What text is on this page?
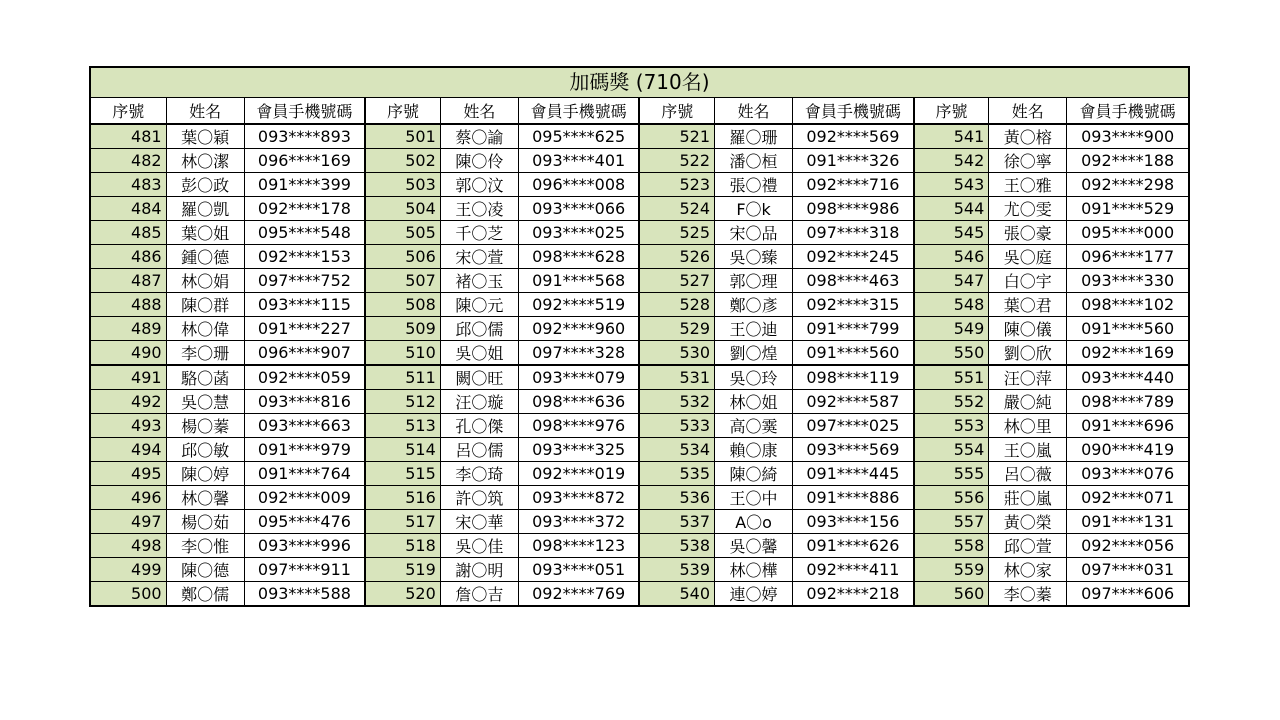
加碼獎 (710名)
序號	姓名	會員手機號碼	序號	姓名	會員手機號碼	序號	姓名	會員手機號碼	序號	姓名	會員手機號碼
481	葉〇穎	093****893	501	蔡〇諭	095****625	521	羅〇珊	092****569	541	黃〇榕	093****900
482	林〇潔	096****169	502	陳〇伶	093****401	522	潘〇桓	091****326	542	徐〇寧	092****188
483	彭〇政	091****399	503	郭〇汶	096****008	523	張〇禮	092****716	543	王〇雅	092****298
484	羅〇凱	092****178	504	王〇凌	093****066	524	F〇k	098****986	544	尤〇雯	091****529
485	葉〇姐	095****548	505	千〇芝	093****025	525	宋〇品	097****318	545	張〇豪	095****000
486	鍾〇德	092****153	506	宋〇萱	098****628	526	吳〇臻	092****245	546	吳〇庭	096****177
487	林〇娟	097****752	507	褚〇玉	091****568	527	郭〇理	098****463	547	白〇宇	093****330
488	陳〇群	093****115	508	陳〇元	092****519	528	鄭〇彥	092****315	548	葉〇君	098****102
489	林〇偉	091****227	509	邱〇儒	092****960	529	王〇迪	091****799	549	陳〇儀	091****560
490	李〇珊	096****907	510	吳〇姐	097****328	530	劉〇煌	091****560	550	劉〇欣	092****169
491	駱〇菡	092****059	511	闕〇旺	093****079	531	吳〇玲	098****119	551	汪〇萍	093****440
492	吳〇慧	093****816	512	汪〇璇	098****636	532	林〇姐	092****587	552	嚴〇純	098****789
493	楊〇蓁	093****663	513	孔〇傑	098****976	533	高〇霙	097****025	553	林〇里	091****696
494	邱〇敏	091****979	514	呂〇儒	093****325	534	賴〇康	093****569	554	王〇嵐	090****419
495	陳〇婷	091****764	515	李〇琦	092****019	535	陳〇綺	091****445	555	呂〇薇	093****076
496	林〇馨	092****009	516	許〇筑	093****872	536	王〇中	091****886	556	莊〇嵐	092****071
497	楊〇茹	095****476	517	宋〇華	093****372	537	A〇o	093****156	557	黃〇榮	091****131
498	李〇惟	093****996	518	吳〇佳	098****123	538	吳〇馨	091****626	558	邱〇萱	092****056
499	陳〇德	097****911	519	謝〇明	093****051	539	林〇樺	092****411	559	林〇家	097****031
500	鄭〇儒	093****588	520	詹〇吉	092****769	540	連〇婷	092****218	560	李〇蓁	097****606
